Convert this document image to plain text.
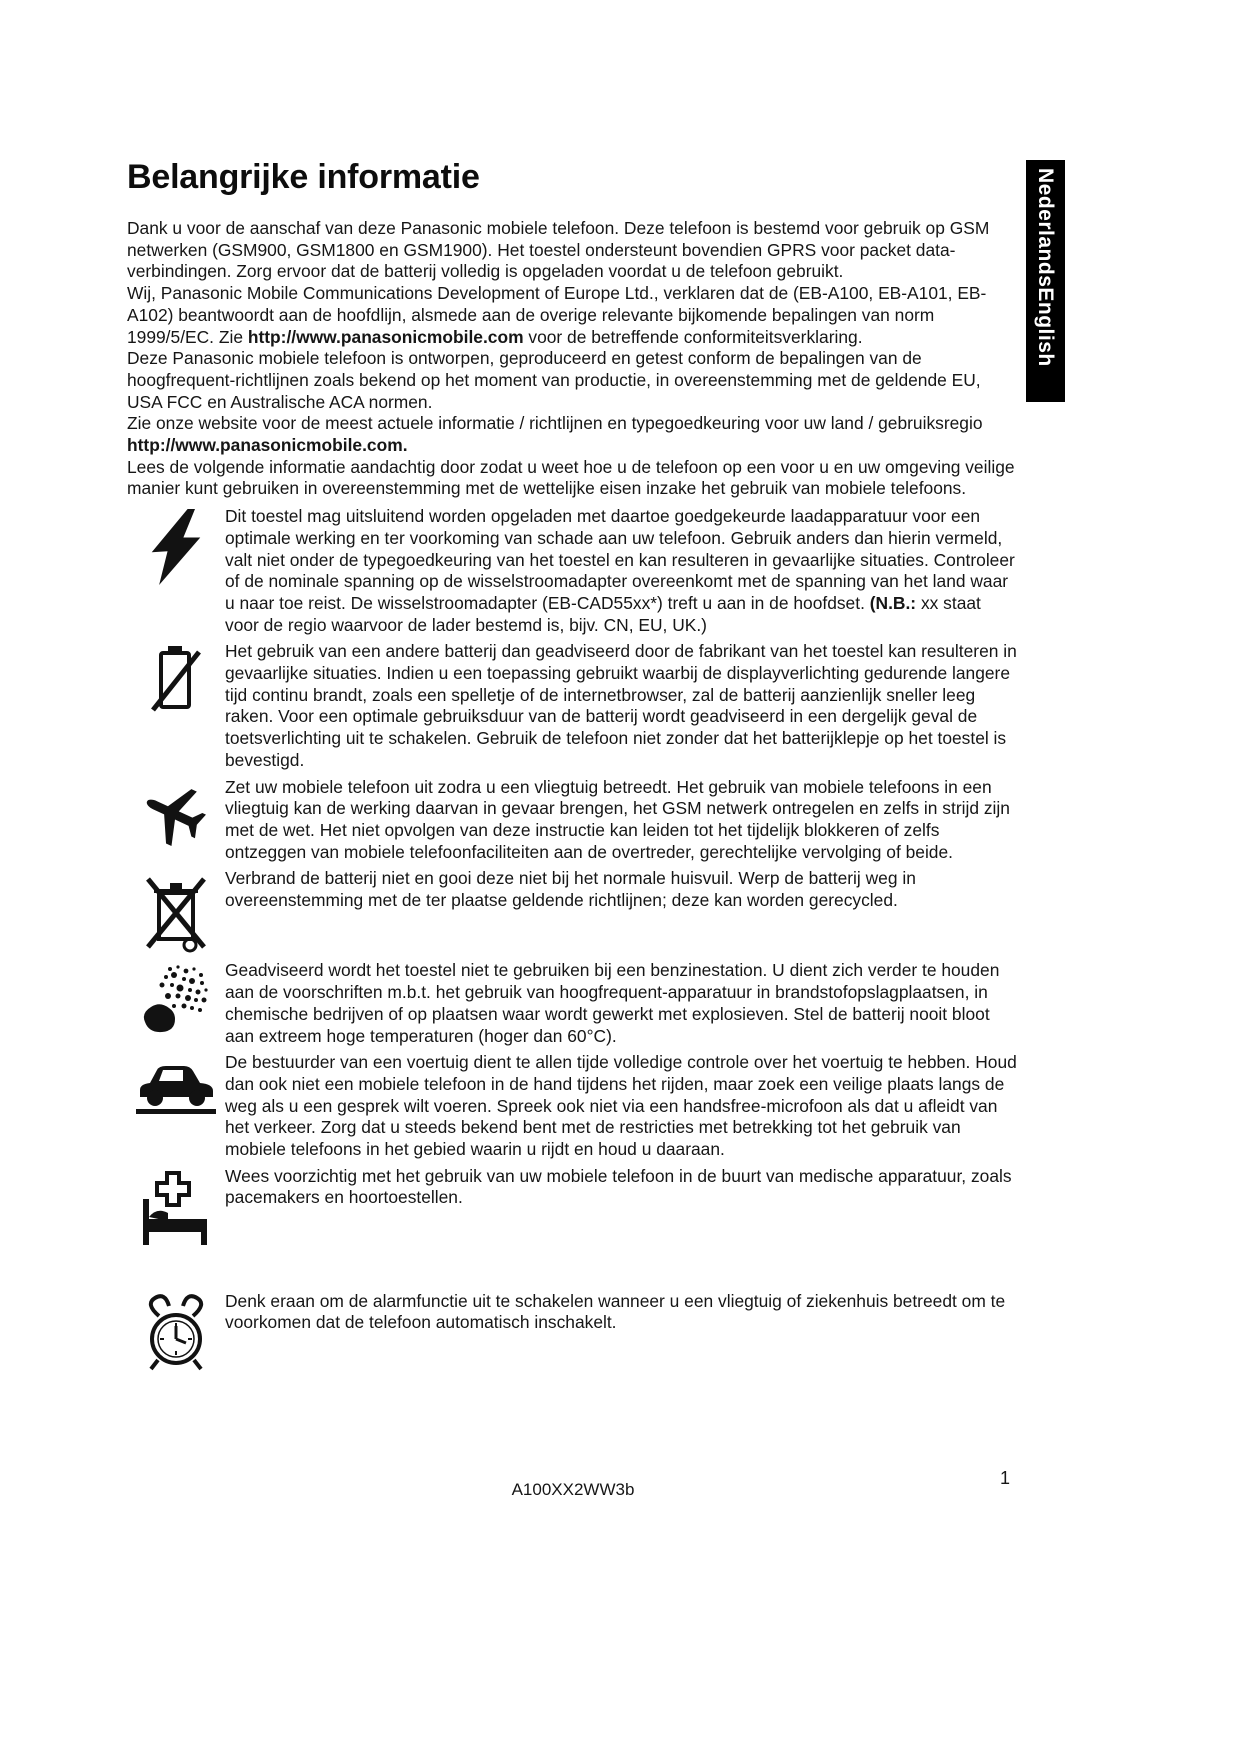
NederlandsEnglish
Belangrijke informatie

Dank u voor de aanschaf van deze Panasonic mobiele telefoon. Deze telefoon is bestemd voor gebruik op GSM netwerken (GSM900, GSM1800 en GSM1900). Het toestel ondersteunt bovendien GPRS voor packet data-verbindingen. Zorg ervoor dat de batterij volledig is opgeladen voordat u de telefoon gebruikt.

Wij, Panasonic Mobile Communications Development of Europe Ltd., verklaren dat de (EB-A100, EB-A101, EB-A102) beantwoordt aan de hoofdlijn, alsmede aan de overige relevante bijkomende bepalingen van norm 1999/5/EC. Zie http://www.panasonicmobile.com voor de betreffende conformiteitsverklaring.

Deze Panasonic mobiele telefoon is ontworpen, geproduceerd en getest conform de bepalingen van de hoogfrequent-richtlijnen zoals bekend op het moment van productie, in overeenstemming met de geldende EU, USA FCC en Australische ACA normen.

Zie onze website voor de meest actuele informatie / richtlijnen en typegoedkeuring voor uw land / gebruiksregio http://www.panasonicmobile.com.

Lees de volgende informatie aandachtig door zodat u weet hoe u de telefoon op een voor u en uw omgeving veilige manier kunt gebruiken in overeenstemming met de wettelijke eisen inzake het gebruik van mobiele telefoons.

Dit toestel mag uitsluitend worden opgeladen met daartoe goedgekeurde laadapparatuur voor een optimale werking en ter voorkoming van schade aan uw telefoon. Gebruik anders dan hierin vermeld, valt niet onder de typegoedkeuring van het toestel en kan resulteren in gevaarlijke situaties. Controleer of de nominale spanning op de wisselstroomadapter overeenkomt met de spanning van het land waar u naar toe reist. De wisselstroomadapter (EB-CAD55xx*) treft u aan in de hoofdset. (N.B.: xx staat voor de regio waarvoor de lader bestemd is, bijv. CN, EU, UK.)
Het gebruik van een andere batterij dan geadviseerd door de fabrikant van het toestel kan resulteren in gevaarlijke situaties. Indien u een toepassing gebruikt waarbij de displayverlichting gedurende langere tijd continu brandt, zoals een spelletje of de internetbrowser, zal de batterij aanzienlijk sneller leeg raken. Voor een optimale gebruiksduur van de batterij wordt geadviseerd in een dergelijk geval de toetsverlichting uit te schakelen. Gebruik de telefoon niet zonder dat het batterijklepje op het toestel is bevestigd.
Zet uw mobiele telefoon uit zodra u een vliegtuig betreedt. Het gebruik van mobiele telefoons in een vliegtuig kan de werking daarvan in gevaar brengen, het GSM netwerk ontregelen en zelfs in strijd zijn met de wet. Het niet opvolgen van deze instructie kan leiden tot het tijdelijk blokkeren of zelfs ontzeggen van mobiele telefoonfaciliteiten aan de overtreder, gerechtelijke vervolging of beide.
Verbrand de batterij niet en gooi deze niet bij het normale huisvuil. Werp de batterij weg in overeenstemming met de ter plaatse geldende richtlijnen; deze kan worden gerecycled.
Geadviseerd wordt het toestel niet te gebruiken bij een benzinestation. U dient zich verder te houden aan de voorschriften m.b.t. het gebruik van hoogfrequent-apparatuur in brandstofopslagplaatsen, in chemische bedrijven of op plaatsen waar wordt gewerkt met explosieven. Stel de batterij nooit bloot aan extreem hoge temperaturen (hoger dan 60°C).
De bestuurder van een voertuig dient te allen tijde volledige controle over het voertuig te hebben. Houd dan ook niet een mobiele telefoon in de hand tijdens het rijden, maar zoek een veilige plaats langs de weg als u een gesprek wilt voeren. Spreek ook niet via een handsfree-microfoon als dat u afleidt van het verkeer. Zorg dat u steeds bekend bent met de restricties met betrekking tot het gebruik van mobiele telefoons in het gebied waarin u rijdt en houd u daaraan.
Wees voorzichtig met het gebruik van uw mobiele telefoon in de buurt van medische apparatuur, zoals pacemakers en hoortoestellen.
Denk eraan om de alarmfunctie uit te schakelen wanneer u een vliegtuig of ziekenhuis betreedt om te voorkomen dat de telefoon automatisch inschakelt.
A100XX2WW3b
1
